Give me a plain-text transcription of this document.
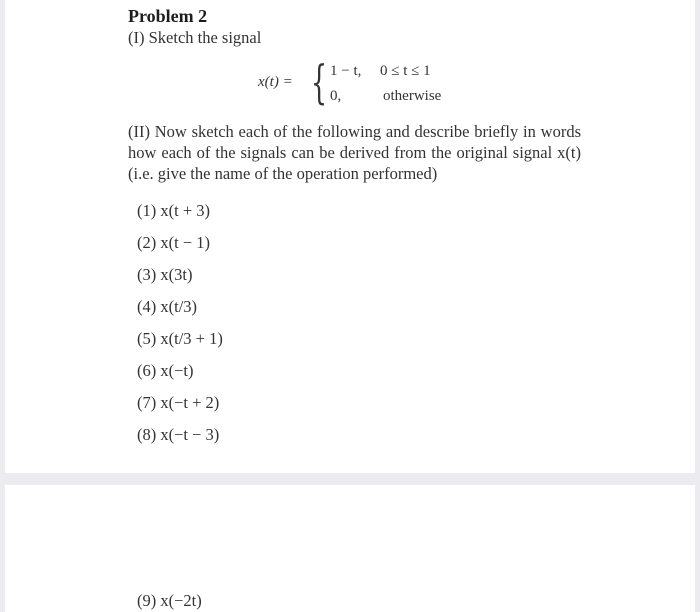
Problem 2
(I) Sketch the signal
x(t) = { 1 − t, 0 ≤ t ≤ 1
0,	otherwise
(II) Now sketch each of the following and describe briefly in words how each of the signals can be derived from the original signal x(t) (i.e. give the name of the operation performed)
(1) x(t + 3)
(2) x(t − 1)
(3) x(3t)
(4) x(t/3)
(5) x(t/3 + 1)
(6) x(−t)
(7) x(−t + 2)
(8) x(−t − 3)
(9) x(−2t)
